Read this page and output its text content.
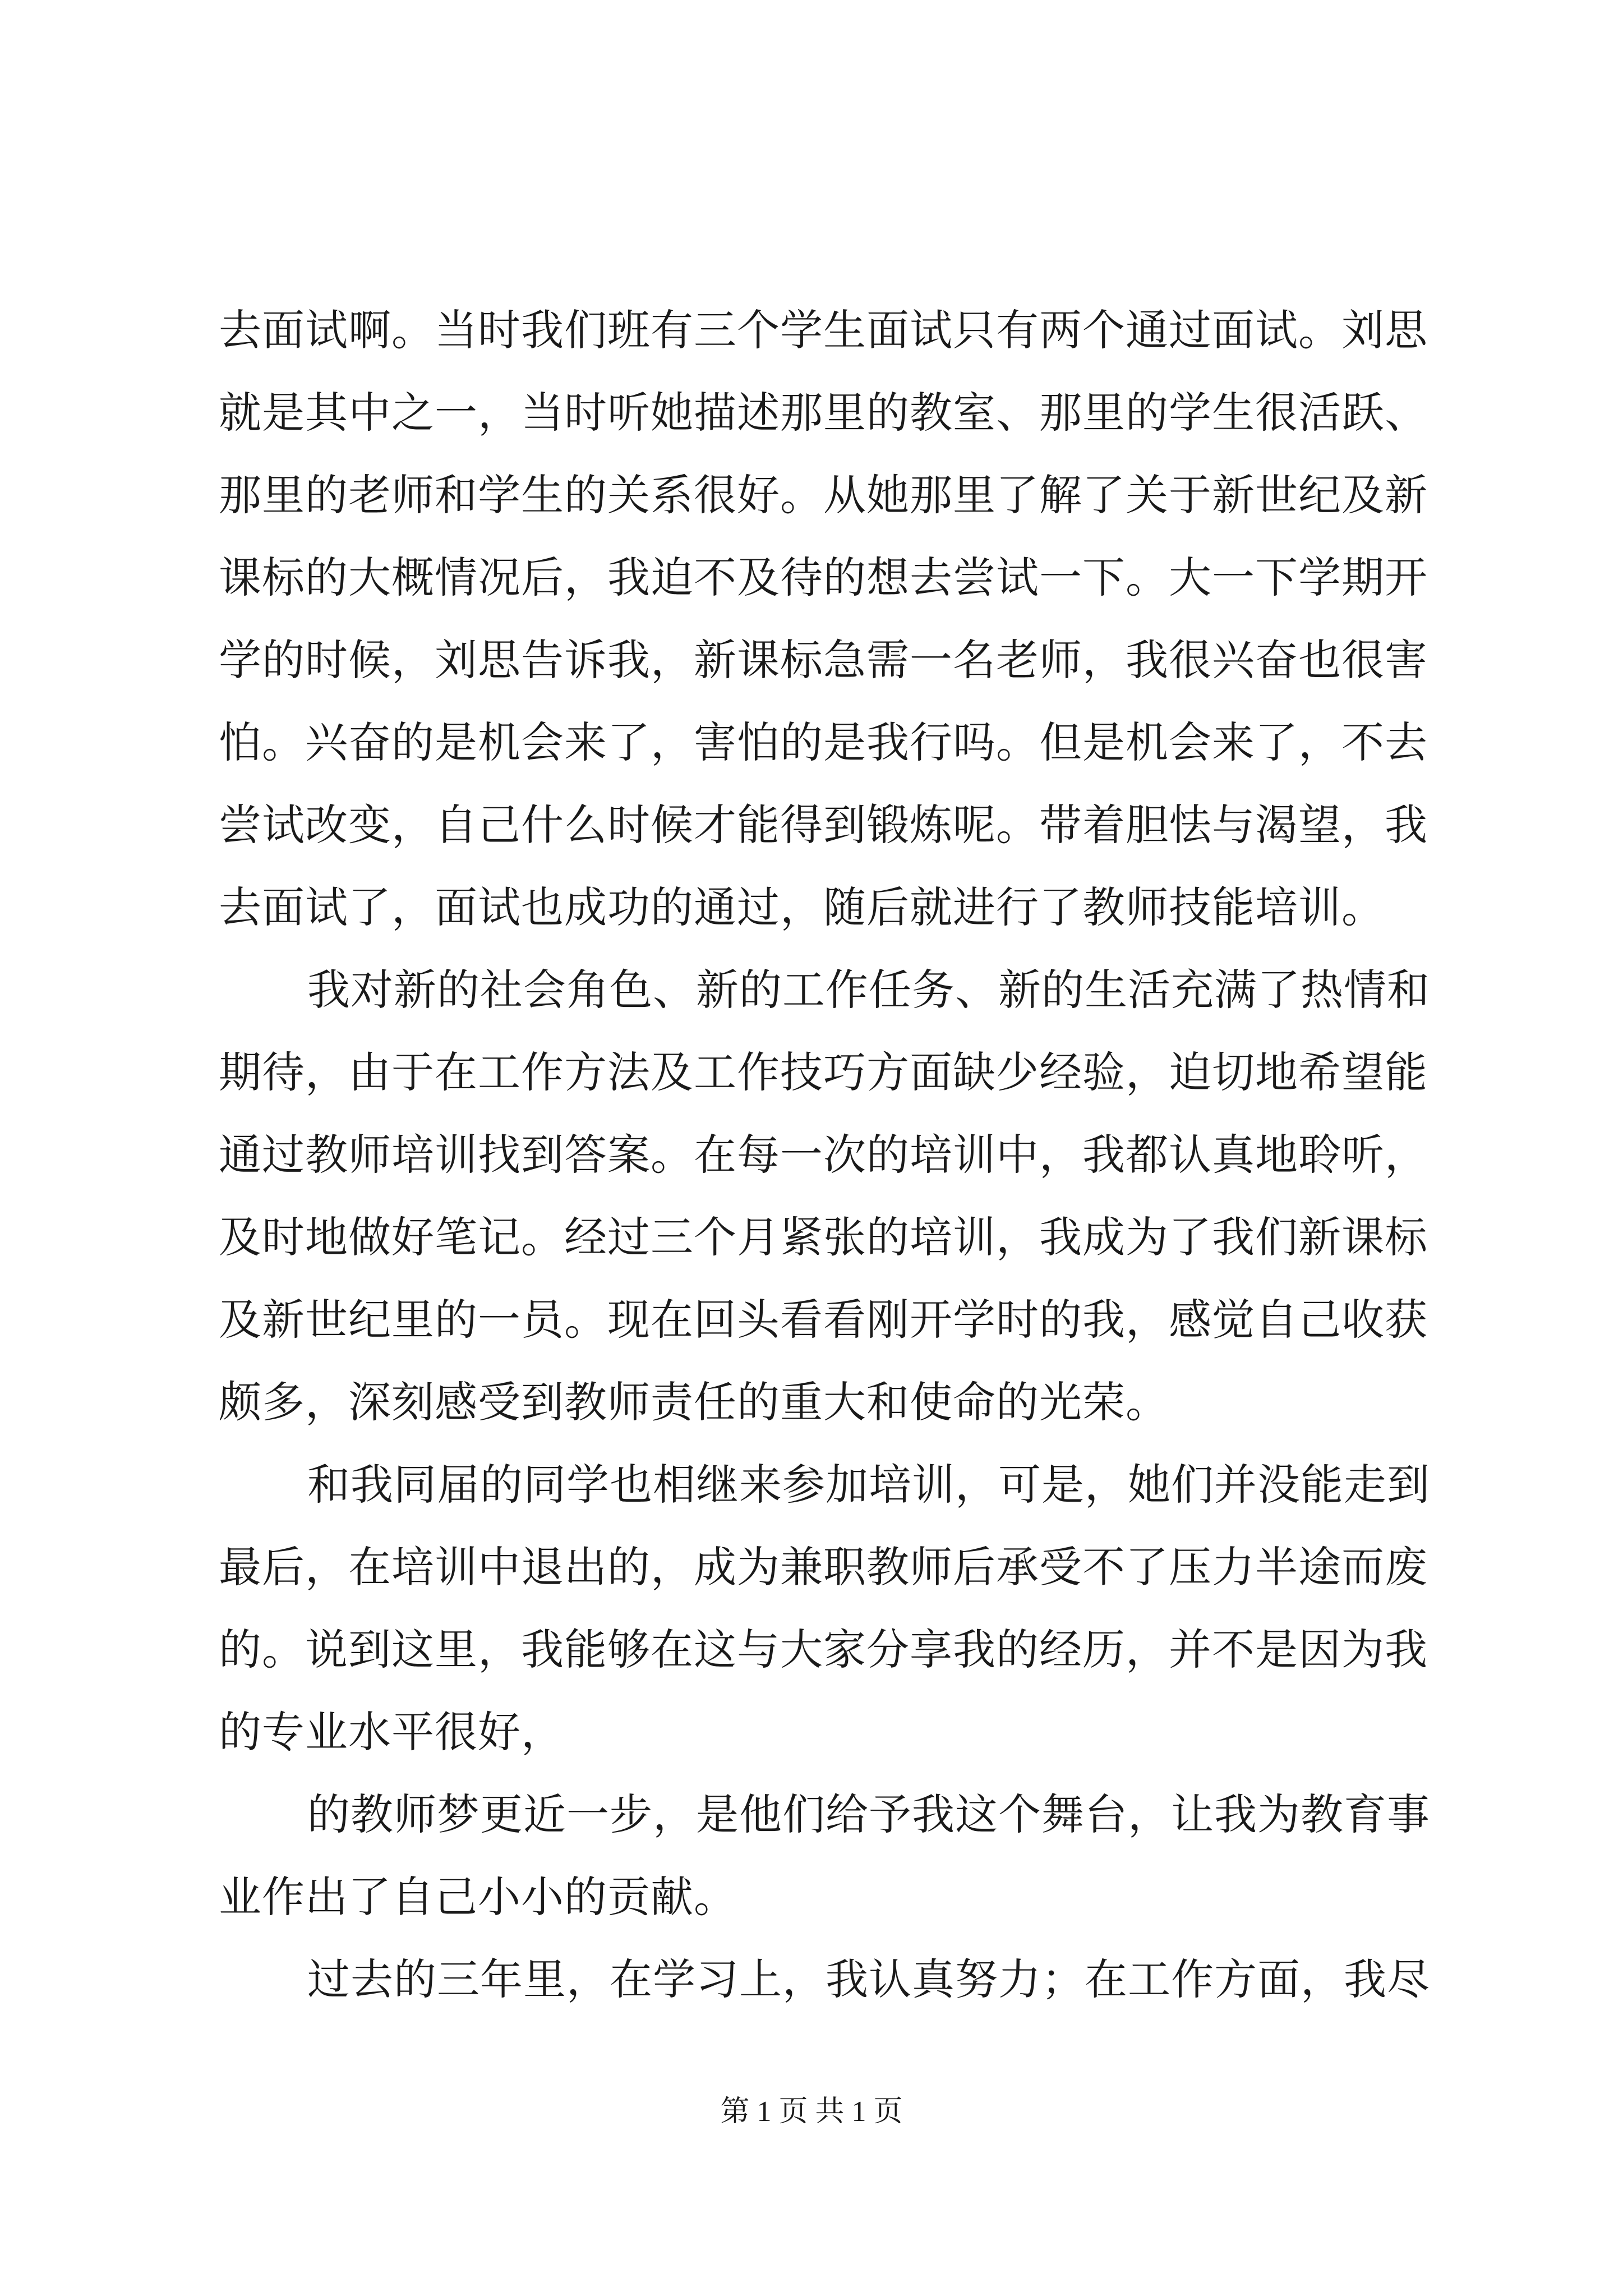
去面试啊。当时我们班有三个学生面试只有两个通过面试。刘思
就是其中之一，当时听她描述那里的教室、那里的学生很活跃、
那里的老师和学生的关系很好。从她那里了解了关于新世纪及新
课标的大概情况后，我迫不及待的想去尝试一下。大一下学期开
学的时候，刘思告诉我，新课标急需一名老师，我很兴奋也很害
怕。兴奋的是机会来了，害怕的是我行吗。但是机会来了，不去
尝试改变，自己什么时候才能得到锻炼呢。带着胆怯与渴望，我
去面试了，面试也成功的通过，随后就进行了教师技能培训。
我对新的社会角色、新的工作任务、新的生活充满了热情和
期待，由于在工作方法及工作技巧方面缺少经验，迫切地希望能
通过教师培训找到答案。在每一次的培训中，我都认真地聆听，
及时地做好笔记。经过三个月紧张的培训，我成为了我们新课标
及新世纪里的一员。现在回头看看刚开学时的我，感觉自己收获
颇多，深刻感受到教师责任的重大和使命的光荣。
和我同届的同学也相继来参加培训，可是，她们并没能走到
最后，在培训中退出的，成为兼职教师后承受不了压力半途而废
的。说到这里，我能够在这与大家分享我的经历，并不是因为我
的专业水平很好，
的教师梦更近一步，是他们给予我这个舞台，让我为教育事
业作出了自己小小的贡献。
过去的三年里，在学习上，我认真努力；在工作方面，我尽
第 1 页 共 1 页
